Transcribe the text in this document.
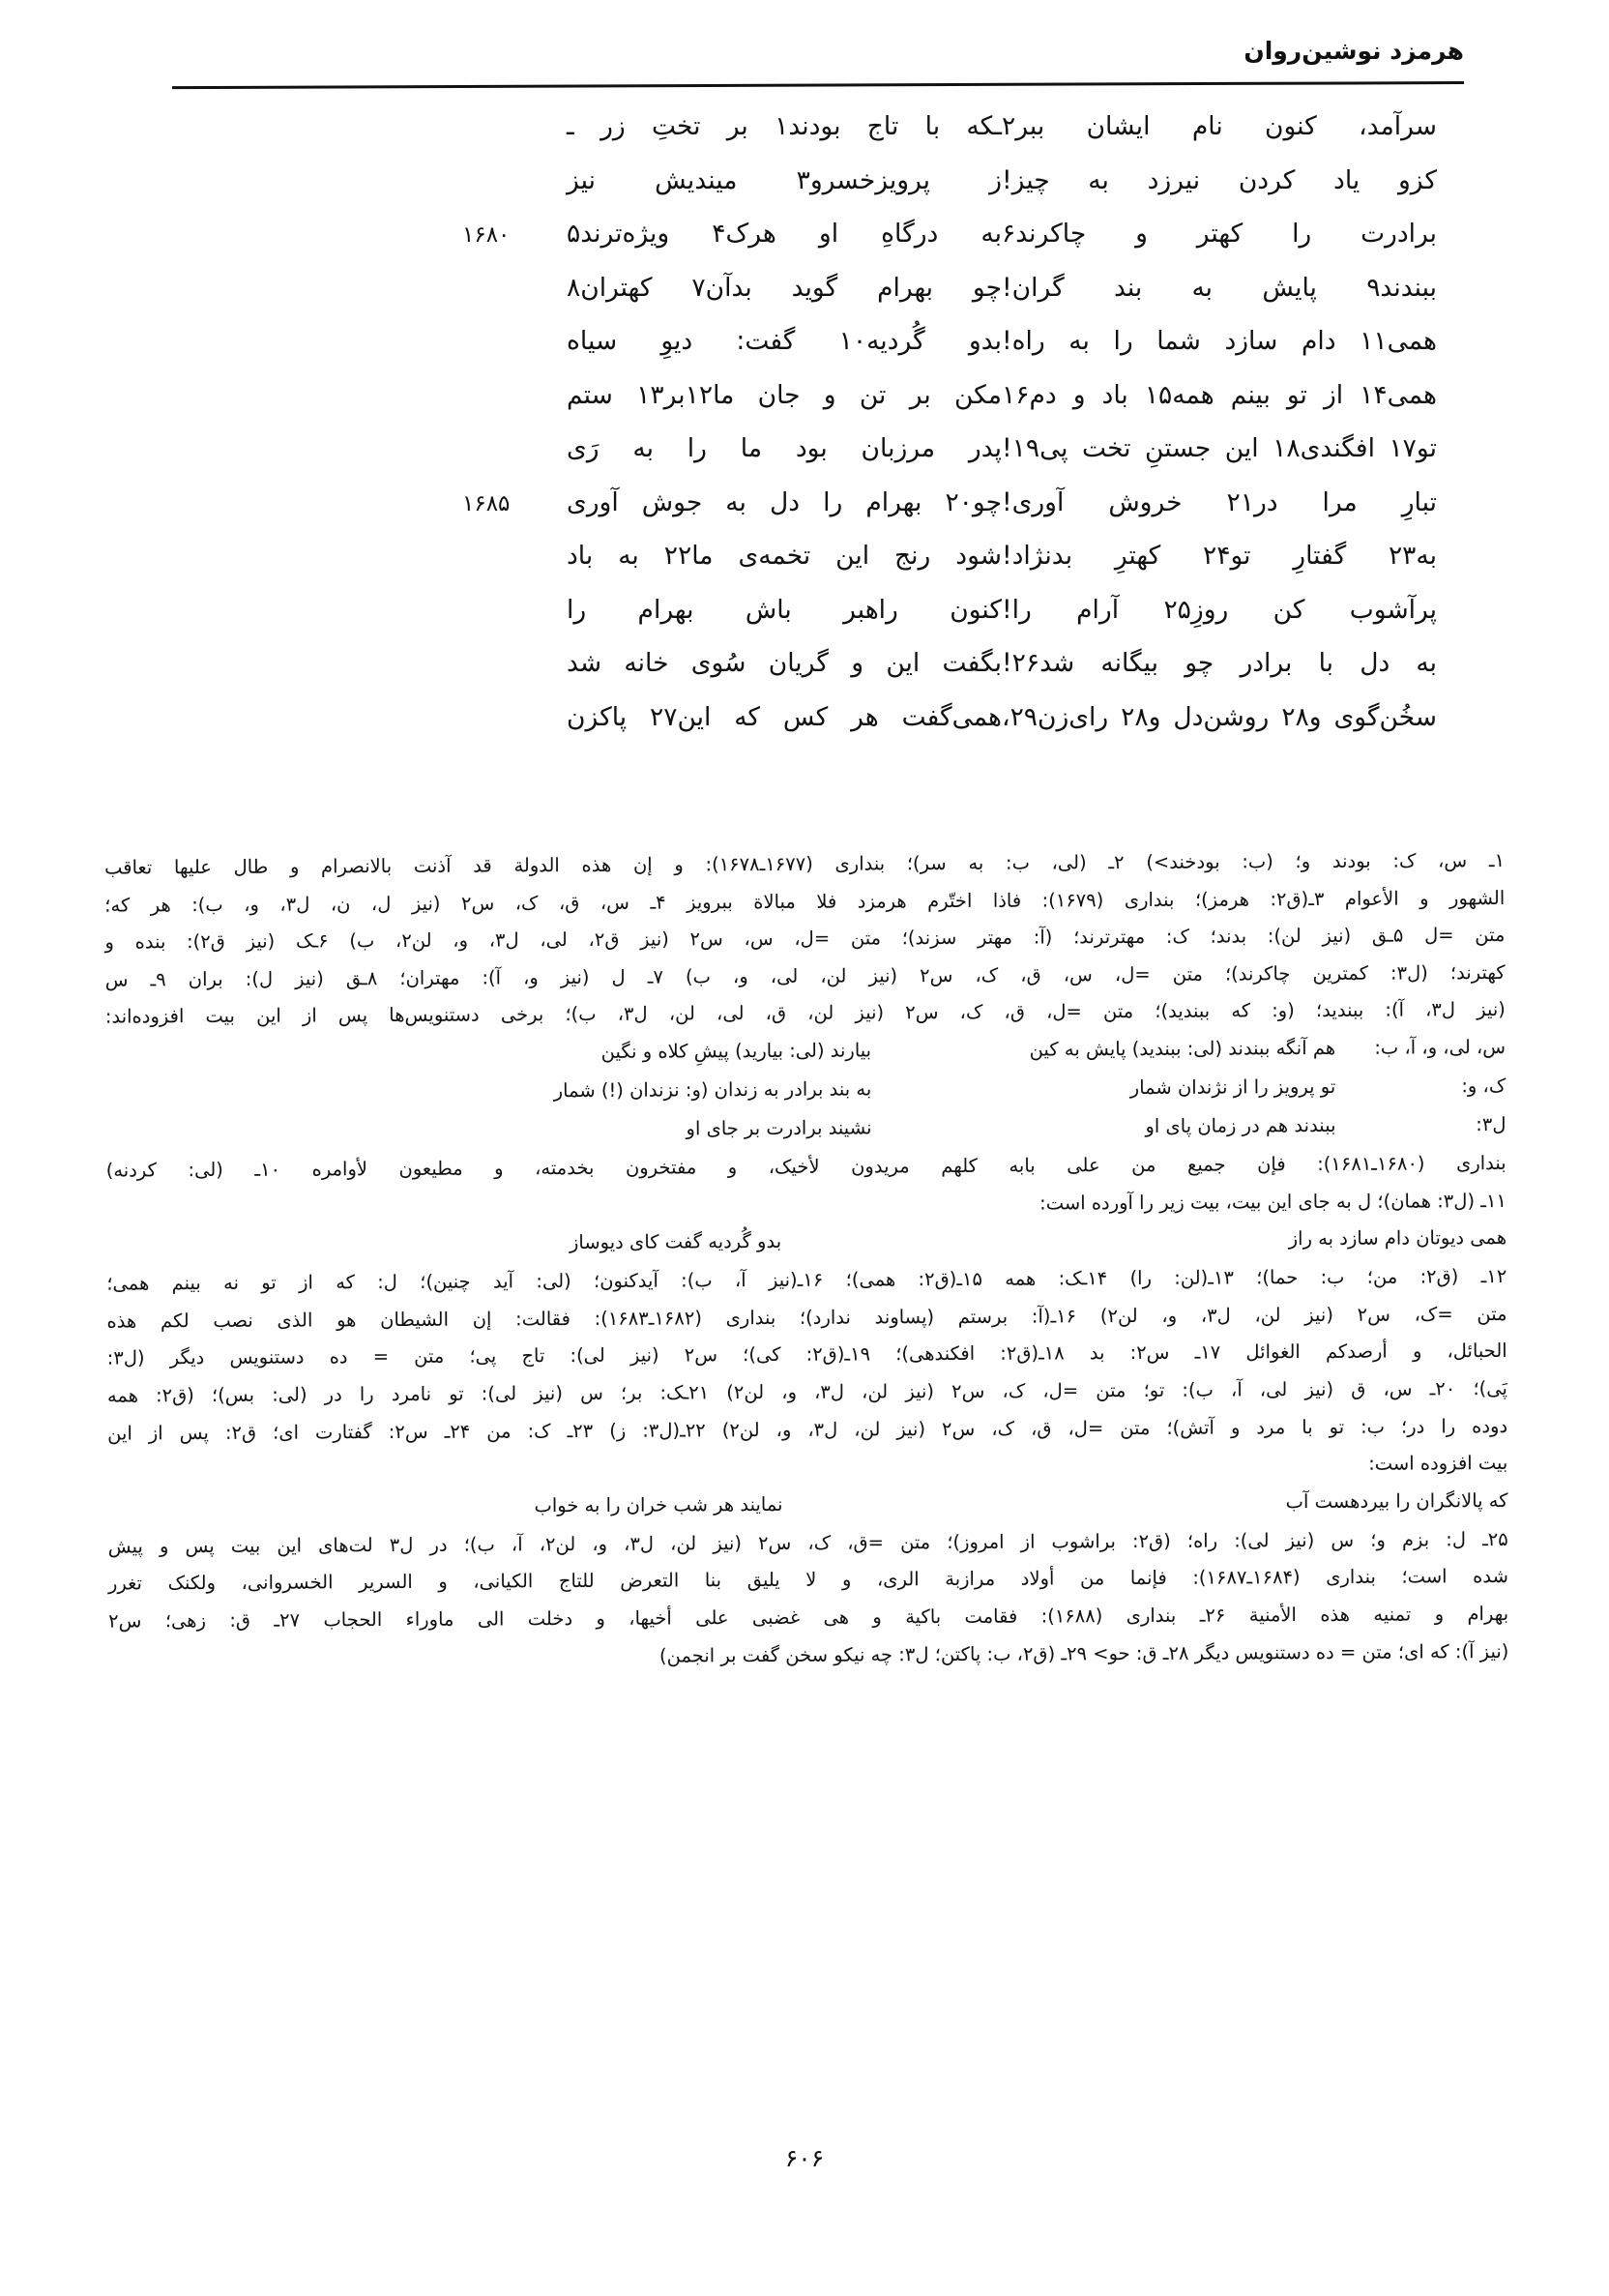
هرمزد نوشین‌روان
سرآمد، کنون نام ایشان ببر۲
ـکه با تاج بودند۱ بر تختِ زر ـ
کزو یاد کردن نیرزد به چیز!
ز پرویزخسرو۳ میندیش نیز
برادرت را کهتر و چاکرند۶
به درگاهِ او هرک۴ ویژه‌ترند۵
۱۶۸۰
ببندند۹ پایش به بند گران!
چو بهرام گوید بدآن۷ کهتران۸
همی۱۱ دام سازد شما را به راه!
بدو گُردیه۱۰ گفت: دیوِ سیاه
همی۱۴ از تو بینم همه۱۵ باد و دم۱۶
مکن بر تن و جان ما۱۲بر۱۳ ستم
تو۱۷ افگندی۱۸ این جستنِ تخت پی۱۹!
پدر مرزبان بود ما را به رَی
تبارِ مرا در۲۱ خروش آوری!
چو۲۰ بهرام را دل به جوش آوری
۱۶۸۵
به۲۳ گفتارِ تو۲۴ کهترِ بدنژاد!
شود رنج این تخمه‌ی ما۲۲ به باد
پرآشوب کن روزِ۲۵ آرام را!
کنون راهبر باش بهرام را
به دل با برادر چو بیگانه شد۲۶!
بگفت این و گریان سُوی خانه شد
سخُن‌گوی و۲۸ روشن‌دل و۲۸ رای‌زن۲۹،
همی‌گفت هر کس که این۲۷ پاکزن
۱ـ س، ک: بودند و؛ (ب: بودخند>) ۲ـ (لی، ب: به سر)؛ بنداری (۱۶۷۷ـ۱۶۷۸): و إن هذه الدولة قد آذنت بالانصرام و طال علیها تعاقب
الشهور و الأعوام ۳ـ(ق۲: هرمز)؛ بنداری (۱۶۷۹): فاذا اختّرم هرمزد فلا مبالاة ببرویز ۴ـ س، ق، ک، س۲ (نیز ل، ن، ل۳، و، ب): هر که؛
متن =ل ۵ـق (نیز لن): بدند؛ ک: مهترترند؛ (آ: مهتر سزند)؛ متن =ل، س، س۲ (نیز ق۲، لی، ل۳، و، لن۲، ب) ۶ـک (نیز ق۲): بنده و
کهترند؛ (ل۳: کمترین چاکرند)؛ متن =ل، س، ق، ک، س۲ (نیز لن، لی، و، ب) ۷ـ ل (نیز و، آ): مهتران؛ ۸ـق (نیز ل): بران ۹ـ س
(نیز ل۳، آ): ببندید؛ (و: که ببندید)؛ متن =ل، ق، ک، س۲ (نیز لن، ق، لی، لن، ل۳، ب)؛ برخی دستنویس‌ها پس از این بیت افزوده‌اند:
س، لی، و، آ، ب:
هم آنگه ببندند (لی: ببندید) پایش به کین
بیارند (لی: بیارید) پیشِ کلاه و نگین
ک، و:
تو پرویز را از نژندان شمار
به بند برادر به زندان (و: نزندان (!) شمار
ل۳:
ببندند هم در زمان پای او
نشیند برادرت بر جای او
بنداری (۱۶۸۰ـ۱۶۸۱): فإن جمیع من علی بابه کلهم مریدون لأخیک، و مفتخرون بخدمته، و مطیعون لأوامره ۱۰ـ (لی: کردنه)
۱۱ـ (ل۳: همان)؛ ل به جای این بیت، بیت زیر را آورده است:
همی دیوتان دام سازد به راز
بدو گُردیه گفت کای دیوساز
۱۲ـ (ق۲: من؛ ب: حما)؛ ۱۳ـ(لن: را) ۱۴ـک: همه ۱۵ـ(ق۲: همی)؛ ۱۶ـ(نیز آ، ب): آیدکنون؛ (لی: آید چنین)؛ ل: که از تو نه بینم همی؛
متن =ک، س۲ (نیز لن، ل۳، و، لن۲) ۱۶ـ(آ: برستم (پساوند ندارد)؛ بنداری (۱۶۸۲ـ۱۶۸۳): فقالت: إن الشیطان هو الذی نصب لکم هذه
الحبائل، و أرصدکم الغوائل ۱۷ـ س۲: بد ۱۸ـ(ق۲: افکندهی)؛ ۱۹ـ(ق۲: کی)؛ س۲ (نیز لی): تاج پی؛ متن = ده دستنویس دیگر (ل۳:
پَی)؛ ۲۰ـ س، ق (نیز لی، آ، ب): تو؛ متن =ل، ک، س۲ (نیز لن، ل۳، و، لن۲) ۲۱ـک: بر؛ س (نیز لی): تو نامرد را در (لی: بس)؛ (ق۲: همه
دوده را در؛ ب: تو با مرد و آتش)؛ متن =ل، ق، ک، س۲ (نیز لن، ل۳، و، لن۲) ۲۲ـ(ل۳: ز) ۲۳ـ ک: من ۲۴ـ س۲: گفتارت ای؛ ق۲: پس از این
بیت افزوده است:
که پالانگران را بیردهست آب
نمایند هر شب خران را به خواب
۲۵ـ ل: بزم و؛ س (نیز لی): راه؛ (ق۲: براشوب از امروز)؛ متن =ق، ک، س۲ (نیز لن، ل۳، و، لن۲، آ، ب)؛ در ل۳ لت‌های این بیت پس و پیش
شده است؛ بنداری (۱۶۸۴ـ۱۶۸۷): فإنما من أولاد مرازبة الری، و لا یلیق بنا التعرض للتاج الکیانی، و السریر الخسروانی، ولکنک تغرر
بهرام و تمنیه هذه الأمنیة ۲۶ـ بنداری (۱۶۸۸): فقامت باکیة و هی غضبی علی أخیها، و دخلت الی ماوراء الحجاب ۲۷ـ ق: زهی؛ س۲
(نیز آ): که ای؛ متن = ده دستنویس دیگر ۲۸ـ ق: حو> ۲۹ـ (ق۲، ب: پاکتن؛ ل۳: چه نیکو سخن گفت بر انجمن)
۶۰۶
